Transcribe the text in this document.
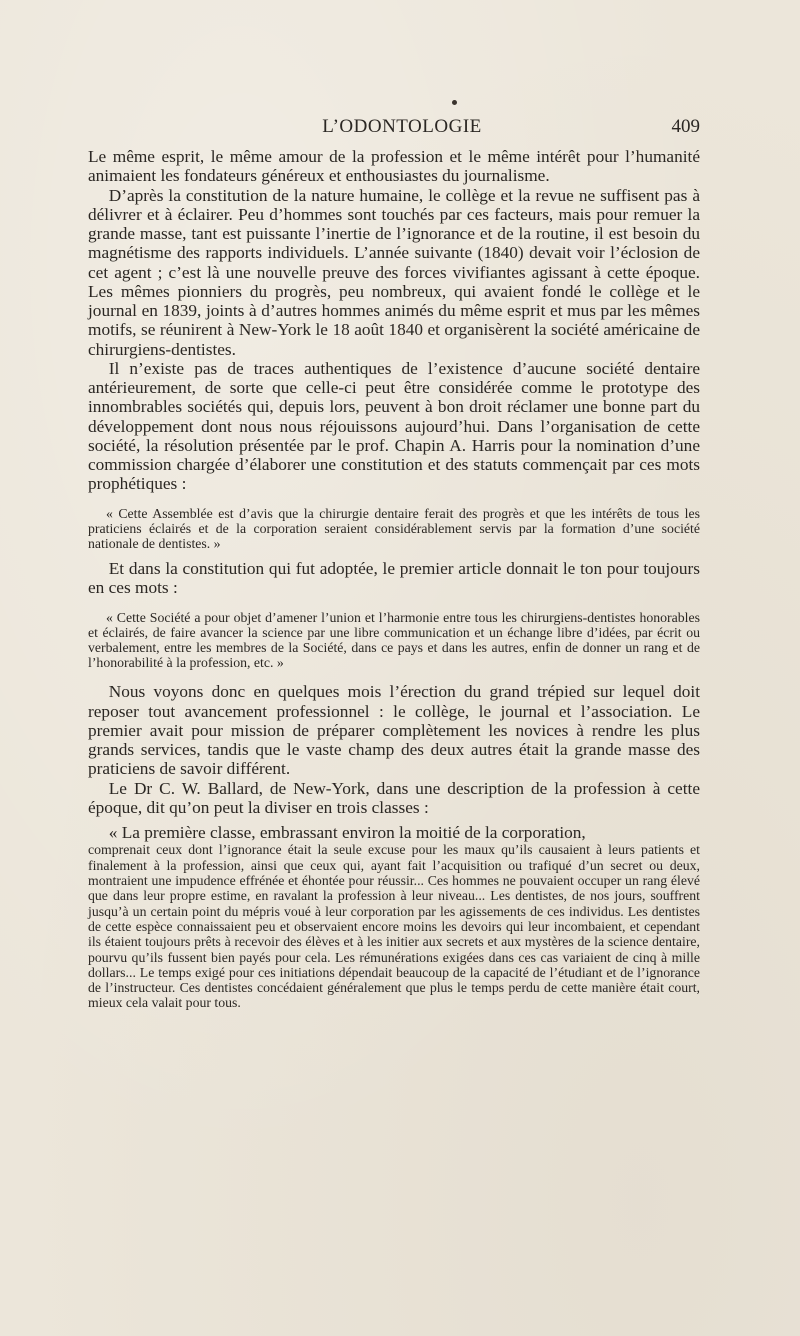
L’ODONTOLOGIE	409

Le même esprit, le même amour de la profession et le même intérêt pour l’humanité animaient les fondateurs généreux et enthousiastes du journalisme.

D’après la constitution de la nature humaine, le collège et la revue ne suffisent pas à délivrer et à éclairer. Peu d’hommes sont touchés par ces facteurs, mais pour remuer la grande masse, tant est puissante l’inertie de l’ignorance et de la routine, il est besoin du magnétisme des rapports individuels. L’année suivante (1840) devait voir l’éclosion de cet agent ; c’est là une nouvelle preuve des forces vivifiantes agissant à cette époque. Les mêmes pionniers du progrès, peu nombreux, qui avaient fondé le collège et le journal en 1839, joints à d’autres hommes animés du même esprit et mus par les mêmes motifs, se réunirent à New-York le 18 août 1840 et organisèrent la société américaine de chirurgiens-dentistes.

Il n’existe pas de traces authentiques de l’existence d’aucune société dentaire antérieurement, de sorte que celle-ci peut être considérée comme le prototype des innombrables sociétés qui, depuis lors, peuvent à bon droit réclamer une bonne part du développement dont nous nous réjouissons aujourd’hui. Dans l’organisation de cette société, la résolution présentée par le prof. Chapin A. Harris pour la nomination d’une commission chargée d’élaborer une constitution et des statuts commençait par ces mots prophétiques :

« Cette Assemblée est d’avis que la chirurgie dentaire ferait des progrès et que les intérêts de tous les praticiens éclairés et de la corporation seraient considérablement servis par la formation d’une société nationale de dentistes. »

Et dans la constitution qui fut adoptée, le premier article donnait le ton pour toujours en ces mots :

« Cette Société a pour objet d’amener l’union et l’harmonie entre tous les chirurgiens-dentistes honorables et éclairés, de faire avancer la science par une libre communication et un échange libre d’idées, par écrit ou verbalement, entre les membres de la Société, dans ce pays et dans les autres, enfin de donner un rang et de l’honorabilité à la profession, etc. »

Nous voyons donc en quelques mois l’érection du grand trépied sur lequel doit reposer tout avancement professionnel : le collège, le journal et l’association. Le premier avait pour mission de préparer complètement les novices à rendre les plus grands services, tandis que le vaste champ des deux autres était la grande masse des praticiens de savoir différent.

Le Dr C. W. Ballard, de New-York, dans une description de la profession à cette époque, dit qu’on peut la diviser en trois classes :

« La première classe, embrassant environ la moitié de la corporation,

comprenait ceux dont l’ignorance était la seule excuse pour les maux qu’ils causaient à leurs patients et finalement à la profession, ainsi que ceux qui, ayant fait l’acquisition ou trafiqué d’un secret ou deux, montraient une impudence effrénée et éhontée pour réussir... Ces hommes ne pouvaient occuper un rang élevé que dans leur propre estime, en ravalant la profession à leur niveau... Les dentistes, de nos jours, souffrent jusqu’à un certain point du mépris voué à leur corporation par les agissements de ces individus. Les dentistes de cette espèce connaissaient peu et observaient encore moins les devoirs qui leur incombaient, et cependant ils étaient toujours prêts à recevoir des élèves et à les initier aux secrets et aux mystères de la science dentaire, pourvu qu’ils fussent bien payés pour cela. Les rémunérations exigées dans ces cas variaient de cinq à mille dollars... Le temps exigé pour ces initiations dépendait beaucoup de la capacité de l’étudiant et de l’ignorance de l’instructeur. Ces dentistes concédaient généralement que plus le temps perdu de cette manière était court, mieux cela valait pour tous.
